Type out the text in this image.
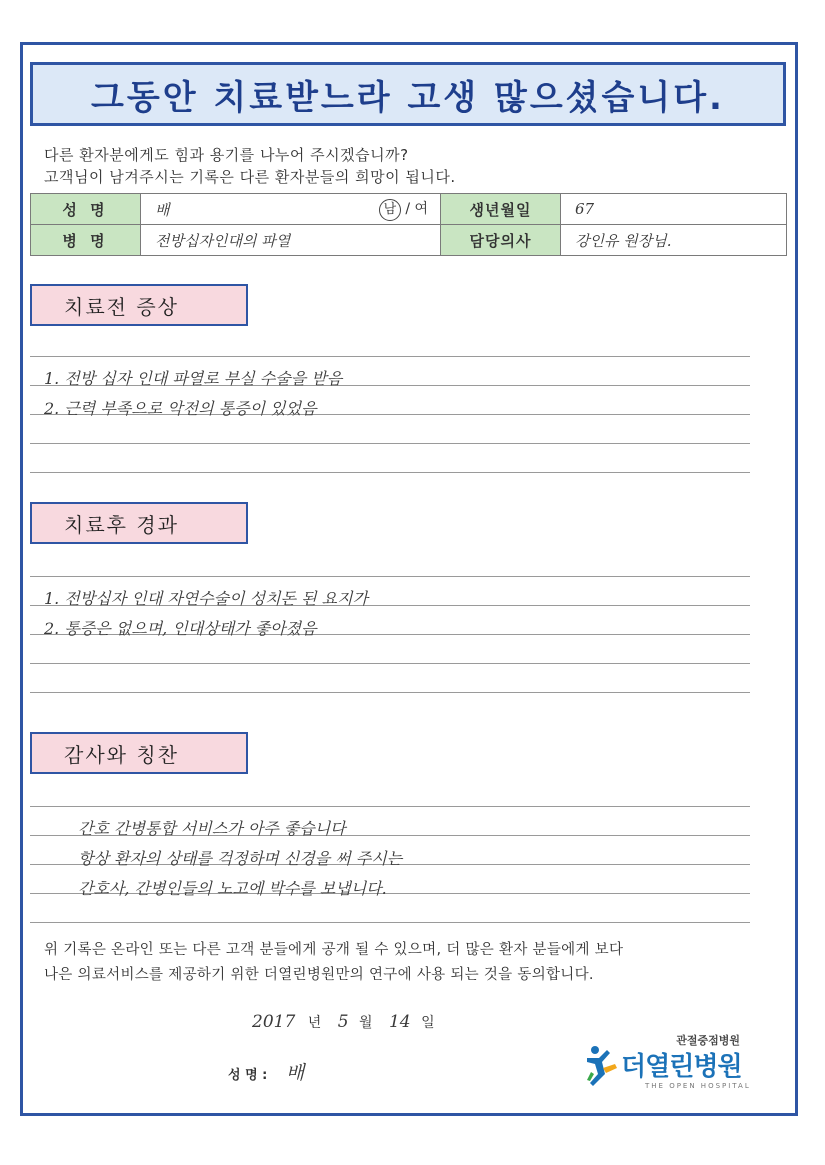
그동안 치료받느라 고생 많으셨습니다.
다른 환자분에게도 힘과 용기를 나누어 주시겠습니까?
고객님이 남겨주시는 기록은 다른 환자분들의 희망이 됩니다.
성 명	배 남 / 여	생년월일	67
병 명	전방십자인대의 파열	담당의사	강인유 원장님.
치료전 증상
1. 전방 십자 인대 파열로 부실 수술을 받음
2. 근력 부족으로 악전의 통증이 있었음
치료후 경과
1. 전방십자 인대 자연수술이 성치돈 된 요지가
2. 통증은 없으며, 인대상태가 좋아졌음
감사와 칭찬
간호 간병통합 서비스가 아주 좋습니다
항상 환자의 상태를 걱정하며 신경을 써 주시는
간호사, 간병인들의 노고에 박수를 보냅니다.
위 기록은 온라인 또는 다른 고객 분들에게 공개 될 수 있으며, 더 많은 환자 분들에게 보다
나은 의료서비스를 제공하기 위한 더열린병원만의 연구에 사용 되는 것을 동의합니다.
2017 년 5 월 14 일
성 명 : 배
관절중점병원
더열린병원
THE OPEN HOSPITAL
